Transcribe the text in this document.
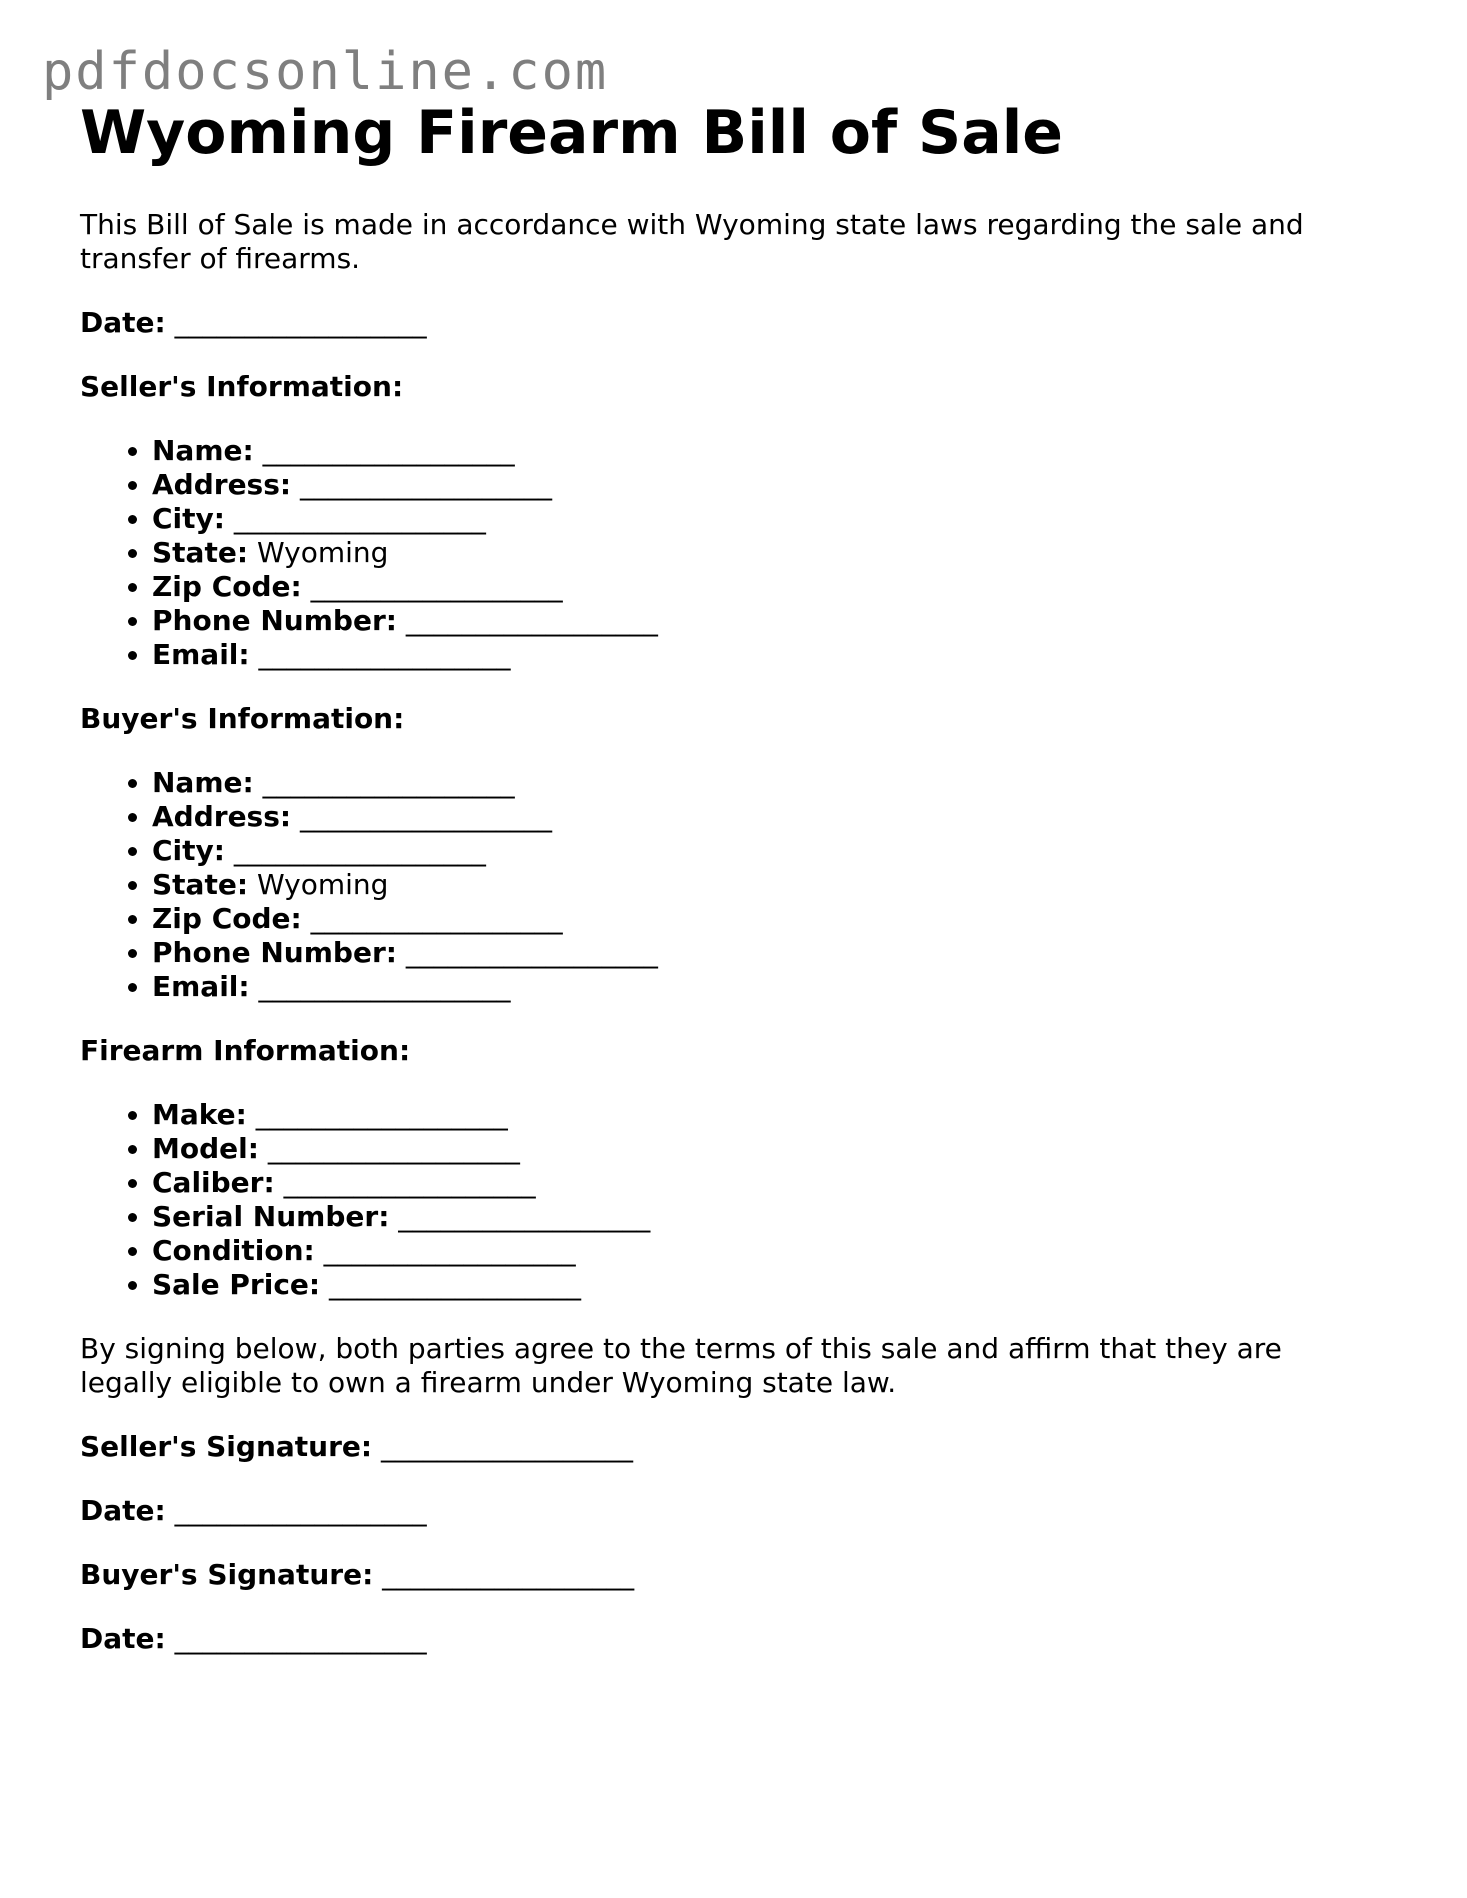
pdfdocsonline.com
Wyoming Firearm Bill of Sale

This Bill of Sale is made in accordance with Wyoming state laws regarding the sale and transfer of firearms.

Date: __________________

Seller's Information:

• Name: __________________
• Address: __________________
• City: __________________
• State: Wyoming
• Zip Code: __________________
• Phone Number: __________________
• Email: __________________

Buyer's Information:

• Name: __________________
• Address: __________________
• City: __________________
• State: Wyoming
• Zip Code: __________________
• Phone Number: __________________
• Email: __________________

Firearm Information:

• Make: __________________
• Model: __________________
• Caliber: __________________
• Serial Number: __________________
• Condition: __________________
• Sale Price: __________________

By signing below, both parties agree to the terms of this sale and affirm that they are legally eligible to own a firearm under Wyoming state law.

Seller's Signature: __________________

Date: __________________

Buyer's Signature: __________________

Date: __________________
